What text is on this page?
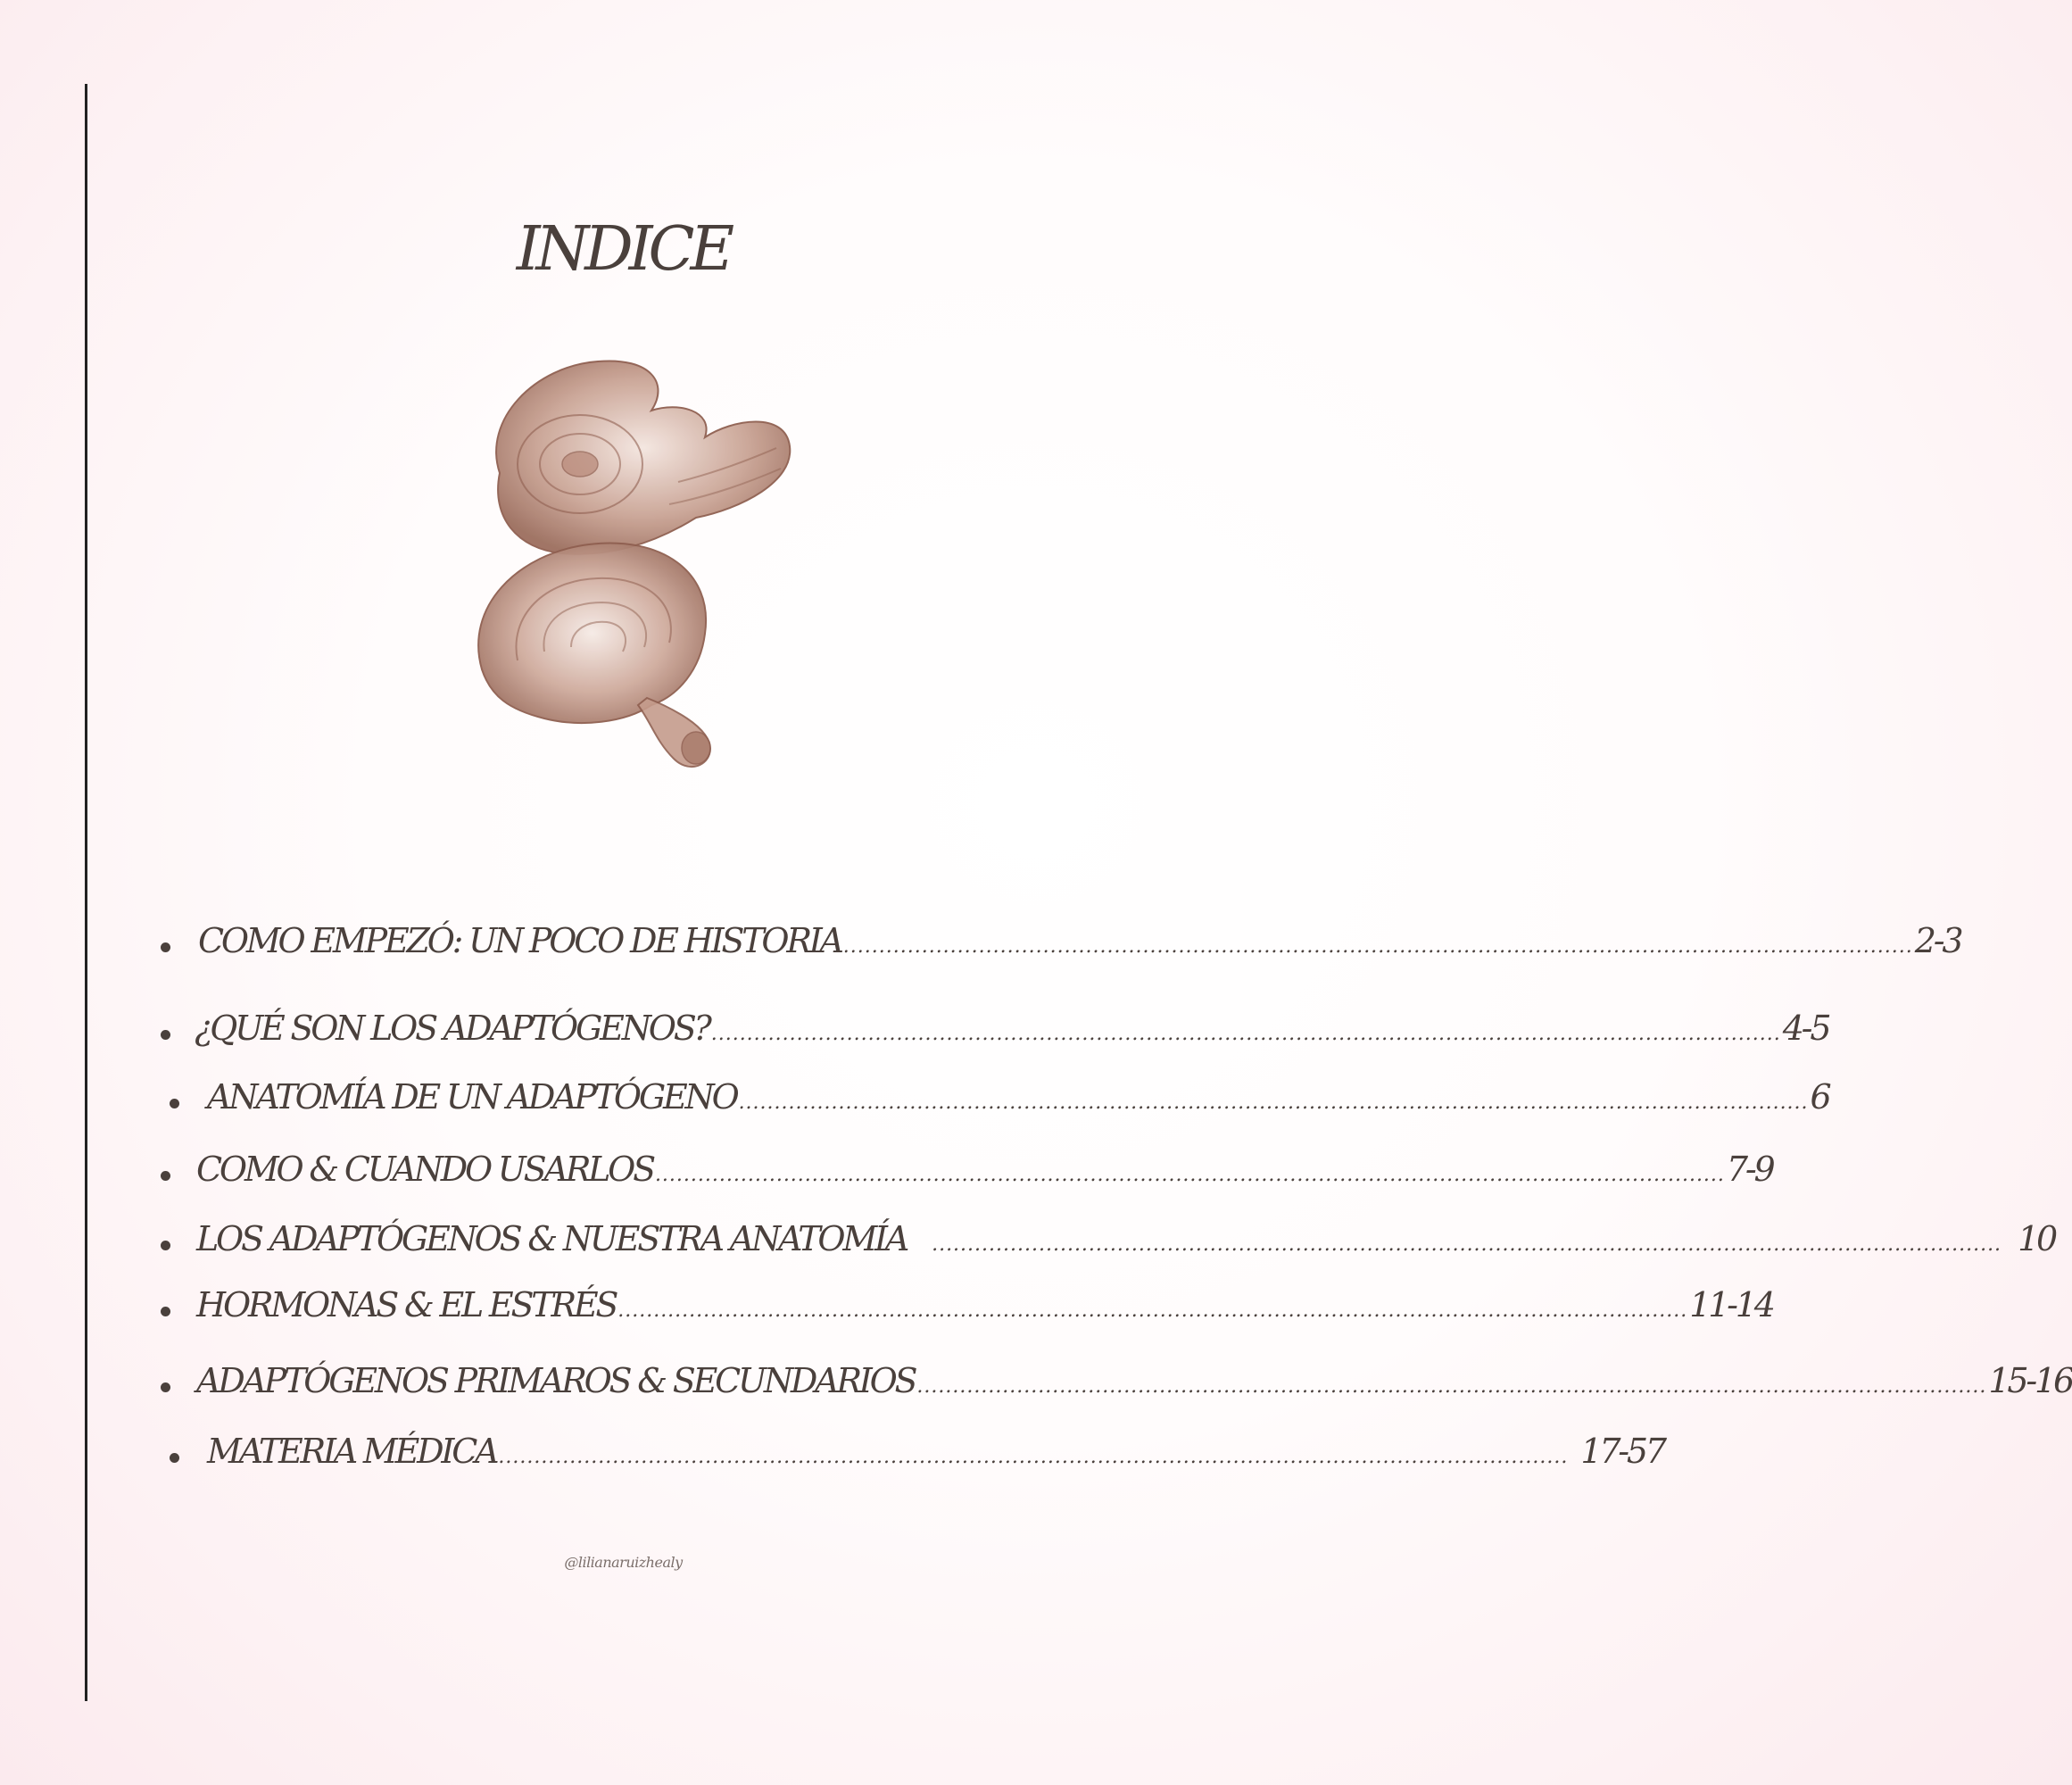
INDICE
COMO EMPEZÓ: UN POCO DE HISTORIA ...................................................................................................................................................... 2-3
¿QUÉ SON LOS ADAPTÓGENOS? ...................................................................................................................................................... 4-5
ANATOMÍA DE UN ADAPTÓGENO ...................................................................................................................................................... 6
COMO & CUANDO USARLOS ...................................................................................................................................................... 7-9
LOS ADAPTÓGENOS & NUESTRA ANATOMÍA ...................................................................................................................................................... 10
HORMONAS & EL ESTRÉS ...................................................................................................................................................... 11-14
ADAPTÓGENOS PRIMAROS & SECUNDARIOS ...................................................................................................................................................... 15-16
MATERIA MÉDICA ...................................................................................................................................................... 17-57
@lilianaruizhealy
